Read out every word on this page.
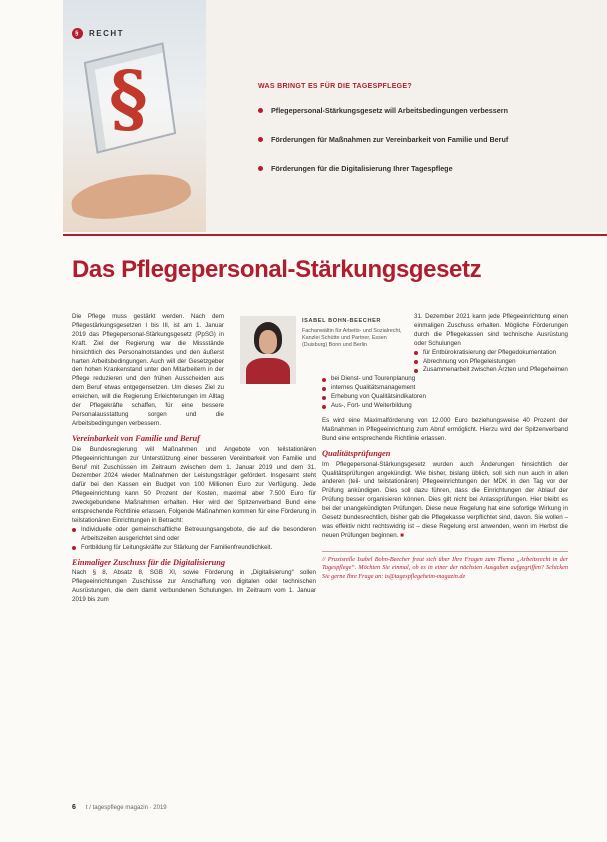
§
§	RECHT
WAS BRINGT ES FÜR DIE TAGESPFLEGE?
Pflegepersonal-Stärkungsgesetz will Arbeitsbedingungen verbessern
Förderungen für Maßnahmen zur Vereinbarkeit von Familie und Beruf
Förderungen für die Digitalisierung Ihrer Tagespflege
Das Pflegepersonal-Stärkungsgesetz
ISABEL BOHN-BEECHER
Fachanwältin für Arbeits- und Sozialrecht, Kanzlei Schütte und Partner, Essen (Duisburg) Bonn und Berlin

Die Pflege muss gestärkt werden. Nach dem Pflegestärkungsgesetzen I bis III, ist am 1. Januar 2019 das Pflegepersonal-Stärkungsgesetz (PpSG) in Kraft. Ziel der Regierung war die Missstände hinsichtlich des Personalnotstandes und den äußerst harten Arbeitsbedingungen. Auch will der Gesetzgeber den hohen Krankenstand unter den Mitarbeitern in der Pflege reduzieren und den frühen Ausscheiden aus dem Beruf etwas entgegensetzen. Um dieses Ziel zu erreichen, will die Regierung Erleichterungen im Alltag der Pflegekräfte schaffen, für eine bessere Personalausstattung sorgen und die Arbeitsbedingungen verbessern.

Vereinbarkeit von Familie und Beruf

Die Bundesregierung will Maßnahmen und Angebote von teilstationären Pflegeeinrichtungen zur Unterstützung einer besseren Vereinbarkeit von Familie und Beruf mit Zuschüssen im Zeitraum zwischen dem 1. Januar 2019 und dem 31. Dezember 2024 wieder Maßnahmen der Leistungsträger gefördert. Insgesamt steht dafür bei den Kassen ein Budget von 100 Millionen Euro zur Verfügung. Jede Pflegeeinrichtung kann 50 Prozent der Kosten, maximal aber 7.500 Euro für zweckgebundene Maßnahmen erhalten. Hier wird der Spitzenverband Bund eine entsprechende Richtlinie erlassen. Folgende Maßnahmen kommen für eine Förderung in teilstationären Einrichtungen in Betracht:

Individuelle oder gemeinschaftliche Betreuungsangebote, die auf die besonderen Arbeitszeiten ausgerichtet sind oder
Fortbildung für Leitungskräfte zur Stärkung der Familienfreundlichkeit.
Einmaliger Zuschuss für die Digitalisierung

Nach § 8, Absatz 8, SGB XI, sowie Förderung in „Digitalisierung“ sollen Pflegeeinrichtungen Zuschüsse zur Anschaffung von digitalen oder technischen Ausrüstungen, die dem damit verbundenen Schulungen. Im Zeitraum vom 1. Januar 2019 bis zum

31. Dezember 2021 kann jede Pflegeeinrichtung einen einmaligen Zuschuss erhalten. Mögliche Förderungen durch die Pflegekassen sind technische Ausrüstung oder Schulungen

für Entbürokratisierung der Pflegedokumentation
Abrechnung von Pflegeleistungen
Zusammenarbeit zwischen Ärzten und Pflegeheimen
bei Dienst- und Tourenplanung
internes Qualitätsmanagement
Erhebung von Qualitätsindikatoren
Aus-, Fort- und Weiterbildung

Es wird eine Maximalförderung von 12.000 Euro beziehungsweise 40 Prozent der Maßnahmen in Pflegeeinrichtung zum Abruf ermöglicht. Hierzu wird der Spitzenverband Bund eine entsprechende Richtlinie erlassen.

Qualitätsprüfungen

Im Pflegepersonal-Stärkungsgesetz wurden auch Änderungen hinsichtlich der Qualitätsprüfungen angekündigt. Wie bisher, bislang üblich, soll sich nun auch in allen anderen (teil- und teilstationären) Pflegeeinrichtungen der MDK in den Tag vor der Prüfung ankündigen. Dies soll dazu führen, dass die Einrichtungen der Ablauf der Prüfung besser organisieren können. Dies gilt nicht bei Anlassprüfungen. Hier bleibt es bei der unangekündigten Prüfungen. Diese neue Regelung hat eine sofortige Wirkung in Gesetz bundesrechtlich, bisher gab die Pflegekasse verpflichtet sind, davon. Sie wollen – was effektiv nicht rechtswidrig ist – diese Regelung erst anwenden, wenn im Herbst die neuen Prüfungen beginnen. ■

// Praxisrelle Isabel Bohn-Beecher freut sich über Ihre Fragen zum Thema „Arbeitsrecht in der Tagespflege“. Möchten Sie einmal, ob es in einer der nächsten Ausgaben aufgegriffen? Schicken Sie gerne Ihre Frage an: ts@tagespflegeheim-magazin.de
6 t / tagespflege magazin · 2019
